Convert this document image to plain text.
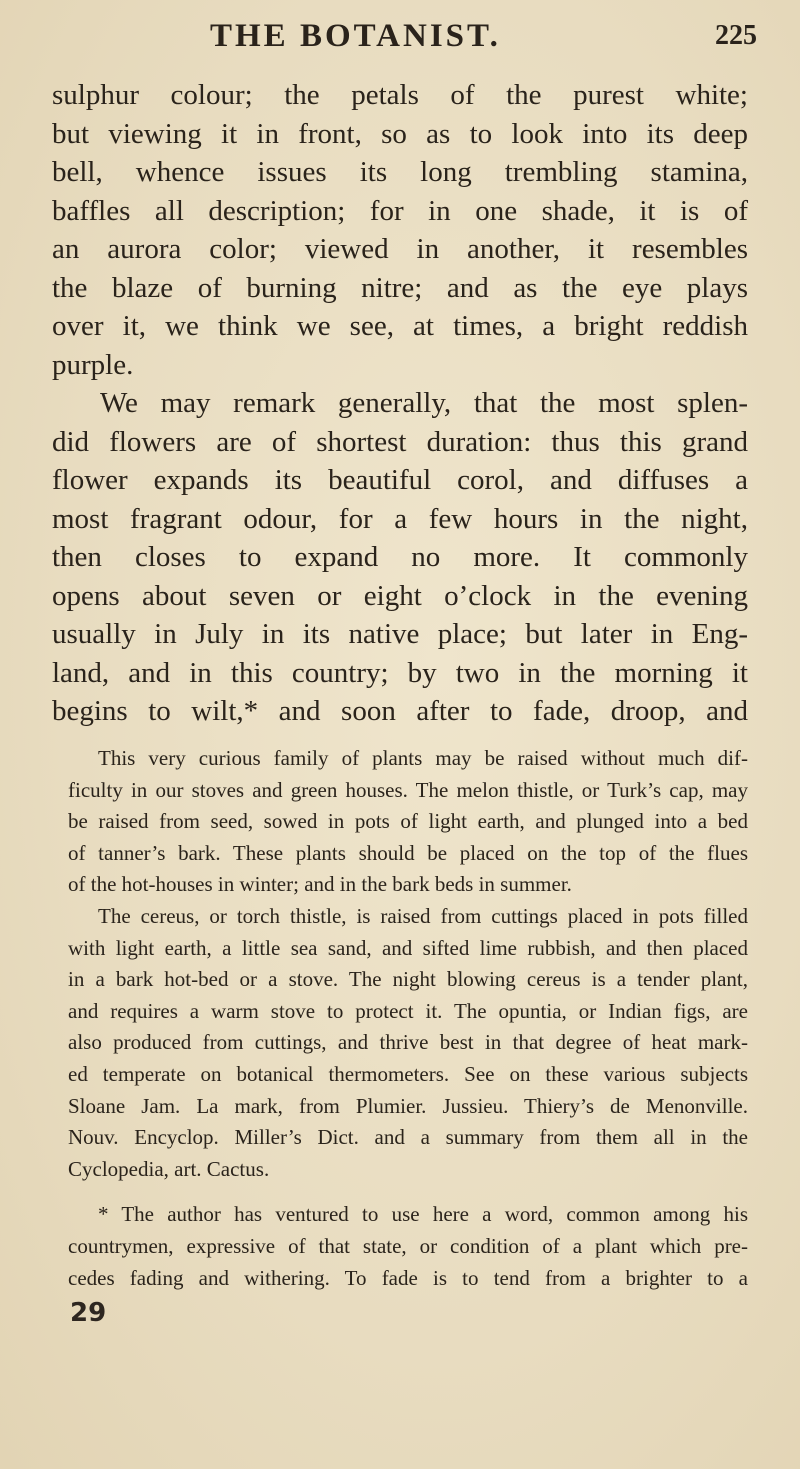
THE BOTANIST.	225
sulphur colour; the petals of the purest white;
but viewing it in front, so as to look into its deep
bell, whence issues its long trembling stamina,
baffles all description; for in one shade, it is of
an aurora color; viewed in another, it resembles
the blaze of burning nitre; and as the eye plays
over it, we think we see, at times, a bright reddish
purple.
We may remark generally, that the most splen-
did flowers are of shortest duration: thus this grand
flower expands its beautiful corol, and diffuses a
most fragrant odour, for a few hours in the night,
then closes to expand no more. It commonly
opens about seven or eight o’clock in the evening
usually in July in its native place; but later in Eng-
land, and in this country; by two in the morning it
begins to wilt,* and soon after to fade, droop, and
This very curious family of plants may be raised without much dif-
ficulty in our stoves and green houses. The melon thistle, or Turk’s cap, may
be raised from seed, sowed in pots of light earth, and plunged into a bed
of tanner’s bark. These plants should be placed on the top of the flues
of the hot-houses in winter; and in the bark beds in summer.
The cereus, or torch thistle, is raised from cuttings placed in pots filled
with light earth, a little sea sand, and sifted lime rubbish, and then placed
in a bark hot-bed or a stove. The night blowing cereus is a tender plant,
and requires a warm stove to protect it. The opuntia, or Indian figs, are
also produced from cuttings, and thrive best in that degree of heat mark-
ed temperate on botanical thermometers. See on these various subjects
Sloane Jam. La mark, from Plumier. Jussieu. Thiery’s de Menonville.
Nouv. Encyclop. Miller’s Dict. and a summary from them all in the
Cyclopedia, art. Cactus.
* The author has ventured to use here a word, common among his
countrymen, expressive of that state, or condition of a plant which pre-
cedes fading and withering. To fade is to tend from a brighter to a
29
